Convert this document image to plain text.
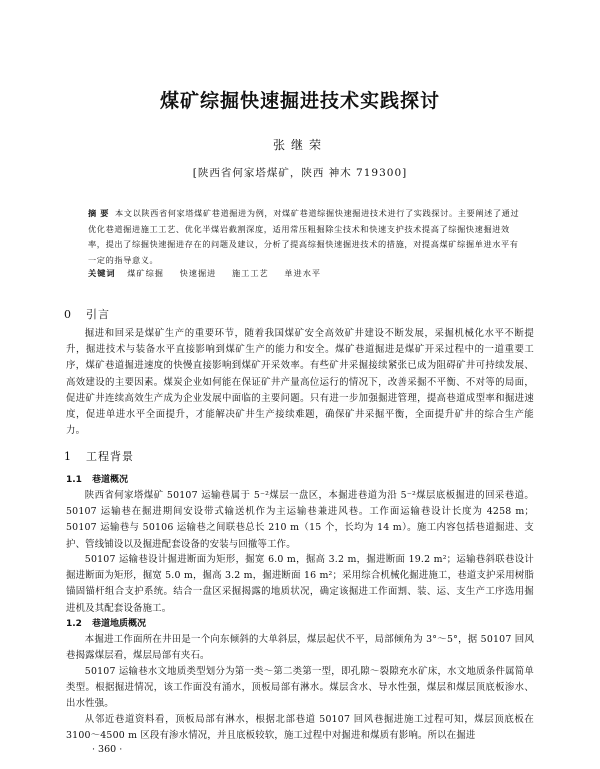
煤矿综掘快速掘进技术实践探讨
张继荣
[陕西省何家塔煤矿，陕西 神木 719300]
摘 要 本文以陕西省何家塔煤矿巷道掘进为例，对煤矿巷道综掘快速掘进技术进行了实践探讨。主要阐述了通过优化巷道掘进施工工艺、优化半煤岩截割深度，适用常压粗掘除尘技术和快速支护技术提高了综掘快速掘进效率，提出了综掘快速掘进存在的问题及建议，分析了提高综掘快速掘进技术的措施，对提高煤矿综掘单进水平有一定的指导意义。
关键词 煤矿综掘 快速掘进 施工工艺 单进水平
0 引言
掘进和回采是煤矿生产的重要环节，随着我国煤矿安全高效矿井建设不断发展，采掘机械化水平不断提升，掘进技术与装备水平直接影响到煤矿生产的能力和安全。煤矿巷道掘进是煤矿开采过程中的一道重要工序，煤矿巷道掘进速度的快慢直接影响到煤矿开采效率。有些矿井采掘接续紧张已成为阻碍矿井可持续发展、高效建设的主要因素。煤炭企业如何能在保证矿井产量高位运行的情况下，改善采掘不平衡、不对等的局面，促进矿井连续高效生产成为企业发展中面临的主要问题。只有进一步加强掘进管理，提高巷道成型率和掘进速度，促进单进水平全面提升，才能解决矿井生产接续难题，确保矿井采掘平衡，全面提升矿井的综合生产能力。
1 工程背景
1.1 巷道概况
陕西省何家塔煤矿 50107 运输巷属于 5⁻²煤层一盘区，本掘进巷道为沿 5⁻²煤层底板掘进的回采巷道。50107 运输巷在掘进期间安设带式输送机作为主运输巷兼进风巷。工作面运输巷设计长度为 4258 m；50107 运输巷与 50106 运输巷之间联巷总长 210 m（15 个，长均为 14 m）。施工内容包括巷道掘进、支护、管线铺设以及掘进配套设备的安装与回撤等工作。
50107 运输巷设计掘进断面为矩形，掘宽 6.0 m，掘高 3.2 m，掘进断面 19.2 m²；运输巷斜联巷设计掘进断面为矩形，掘宽 5.0 m，掘高 3.2 m，掘进断面 16 m²；采用综合机械化掘进施工，巷道支护采用树脂锚固锚杆组合支护系统。结合一盘区采掘揭露的地质状况，确定该掘进工作面割、装、运、支生产工序选用掘进机及其配套设备施工。
1.2 巷道地质概况
本掘进工作面所在井田是一个向东倾斜的大单斜层，煤层起伏不平，局部倾角为 3°～5°，据 50107 回风巷揭露煤层看，煤层局部有夹石。
50107 运输巷水文地质类型划分为第一类～第二类第一型，即孔隙～裂隙充水矿床，水文地质条件属简单类型。根据掘进情况，该工作面没有涌水，顶板局部有淋水。煤层含水、导水性强，煤层和煤层顶底板渗水、出水性强。
从邻近巷道资料看，顶板局部有淋水，根据北部巷道 50107 回风巷掘进施工过程可知，煤层顶底板在 3100～4500 m 区段有渗水情况，并且底板较软，施工过程中对掘进和煤质有影响。所以在掘进
· 360 ·
